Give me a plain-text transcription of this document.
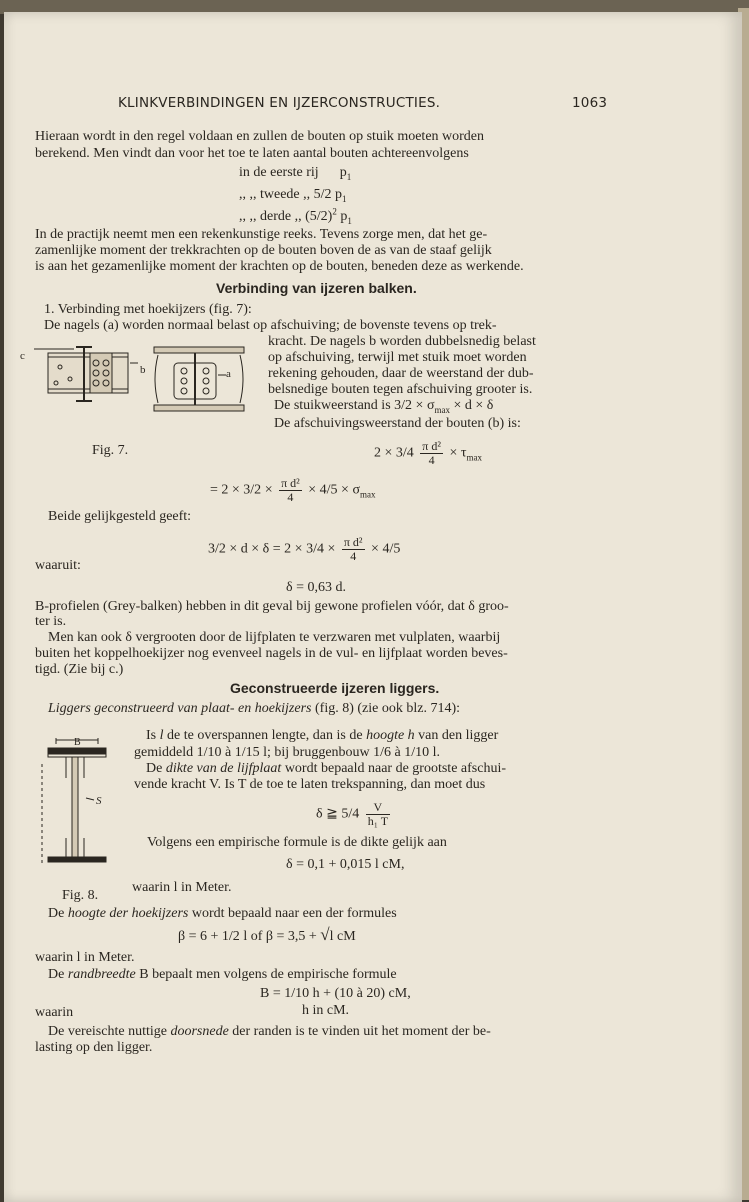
KLINKVERBINDINGEN EN IJZERCONSTRUCTIES.	1063

Hieraan wordt in den regel voldaan en zullen de bouten op stuik moeten worden

berekend. Men vindt dan voor het toe te laten aantal bouten achtereenvolgens

in de eerste rij $p_1$

,, ,, tweede ,, 5/2 $p_1$

,, ,, derde ,, $(5/2)^2$ $p_1$

In de practijk neemt men een rekenkunstige reeks. Tevens zorge men, dat het ge-

zamenlijke moment der trekkrachten op de bouten boven de as van de staaf gelijk

is aan het gezamenlijke moment der krachten op de bouten, beneden deze as werkende.

Verbinding van ijzeren balken.

1. Verbinding met hoekijzers (fig. 7):

De nagels (a) worden normaal belast op afschuiving; de bovenste tevens op trek-

kracht. De nagels b worden dubbelsnedig belast

op afschuiving, terwijl met stuik moet worden

rekening gehouden, daar de weerstand der dub-

belsnedige bouten tegen afschuiving grooter is.

c

b	a

De stuikweerstand is $3/2 \times \sigma_{max} \times d \times \delta$

De afschuivingsweerstand der bouten (b) is:

Fig. 7.	$2 \times 3/4 \frac{\text{π d²}}{4} \times \tau_{max}$

= $2 \times 3/2 \times \frac{\text{π d²}}{4} \times 4/5 \times \sigma_{max}$

Beide gelijkgesteld geeft:

$3/2 \times d \times \delta = 2 \times 3/4 \times \frac{\text{π d²}}{4} \times 4/5$

waaruit:

δ = 0,63 d.

B-profielen (Grey-balken) hebben in dit geval bij gewone profielen vóór, dat δ groo-

ter is.

Men kan ook δ vergrooten door de lijfplaten te verzwaren met vulplaten, waarbij

buiten het koppelhoekijzer nog evenveel nagels in de vul- en lijfplaat worden beves-

tigd. (Zie bij c.)

Geconstrueerde ijzeren liggers.

Liggers geconstrueerd van plaat- en hoekijzers (fig. 8) (zie ook blz. 714):

Is l de te overspannen lengte, dan is de hoogte h van den ligger

gemiddeld 1/10 à 1/15 l; bij bruggenbouw 1/6 à 1/10 l.

De dikte van de lijfplaat wordt bepaald naar de grootste afschui-

vende kracht V. Is T de toe te laten trekspanning, dan moet dus

B

S

δ ≧ $5/4 \frac{V}{\text{h₁ T}}$

Volgens een empirische formule is de dikte gelijk aan

δ = 0,1 + 0,015 l cM,

waarin l in Meter.

Fig. 8.

De hoogte der hoekijzers wordt bepaald naar een der formules

β = 6 + 1/2 l of β = 3,5 + √l cM

waarin l in Meter.

De randbreedte B bepaalt men volgens de empirische formule

B = 1/10 h + (10 à 20) cM,

waarin	h in cM.

De vereischte nuttige doorsnede der randen is te vinden uit het moment der be-

lasting op den ligger.
